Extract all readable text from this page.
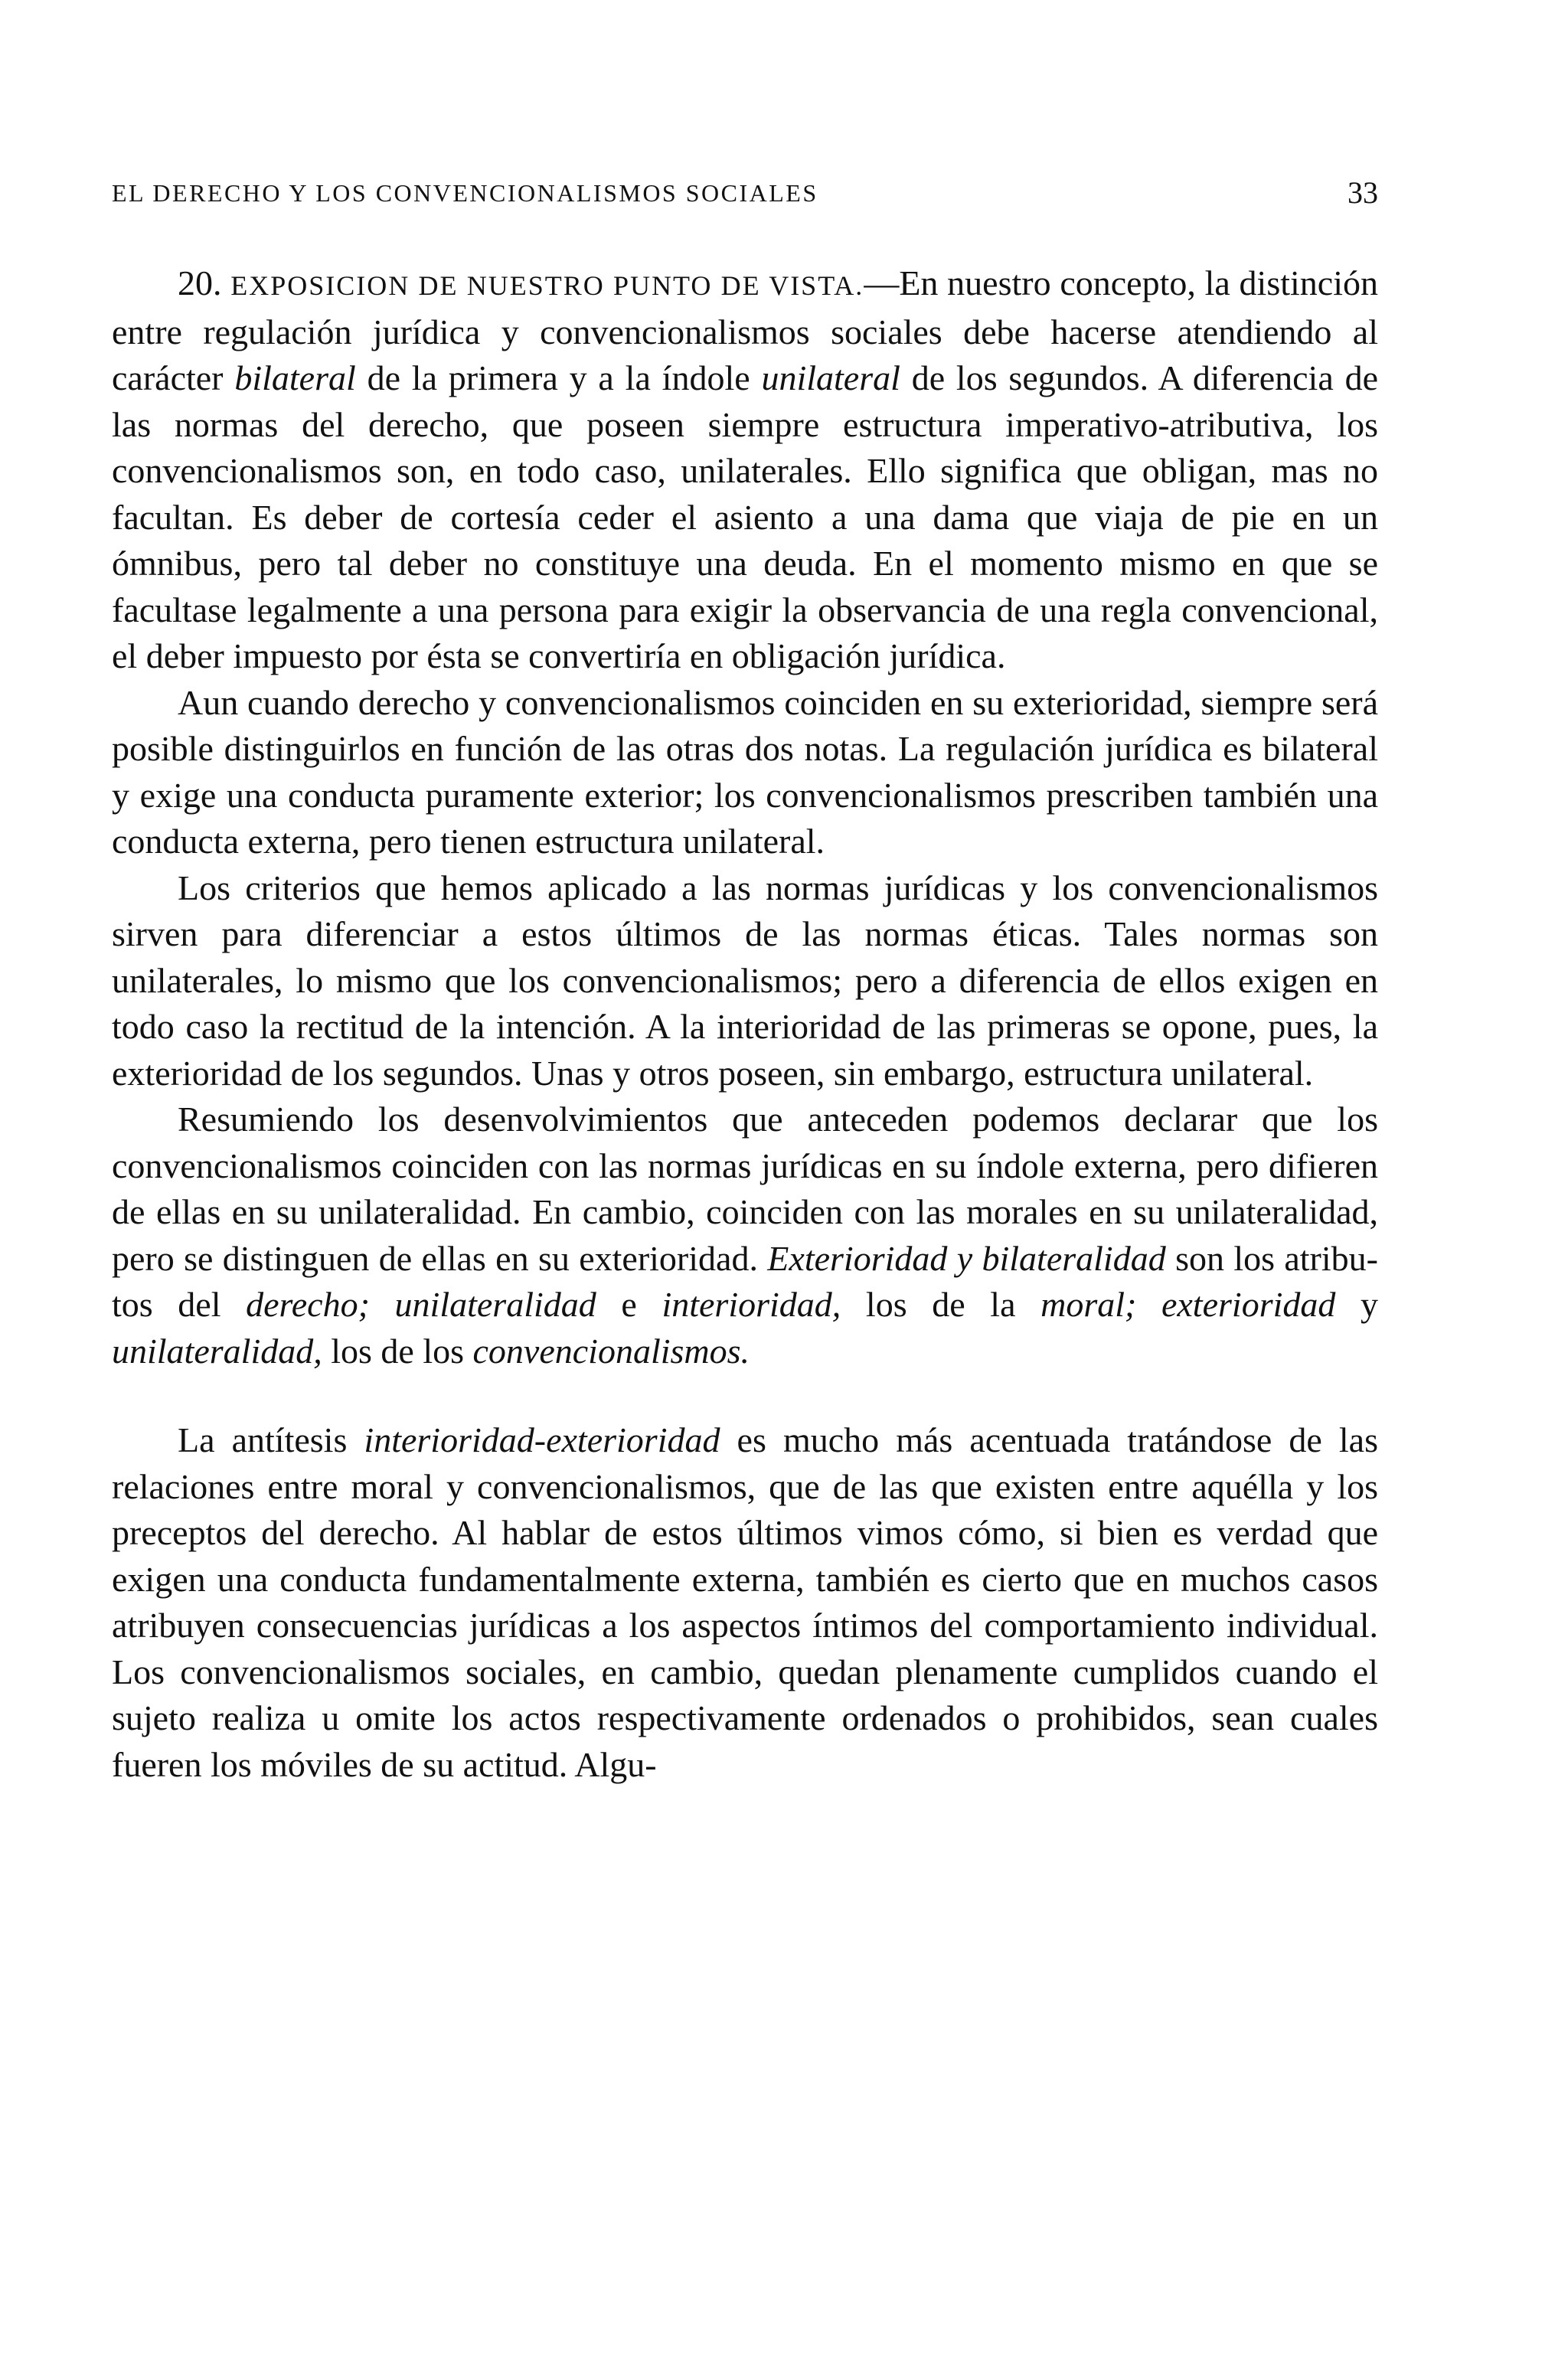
EL DERECHO Y LOS CONVENCIONALISMOS SOCIALES	33

20. EXPOSICION DE NUESTRO PUNTO DE VISTA.—En nuestro concepto, la distinción entre regulación jurídica y convencionalismos sociales debe hacerse atendiendo al carácter bilateral de la primera y a la índole unilateral de los segundos. A diferencia de las normas del derecho, que poseen siempre estructura imperativo-atributiva, los convencionalismos son, en todo caso, unilaterales. Ello significa que obligan, mas no facultan. Es deber de cortesía ceder el asiento a una dama que viaja de pie en un ómnibus, pero tal deber no constituye una deuda. En el momento mismo en que se facultase legalmente a una persona para exigir la observancia de una regla convencional, el deber impuesto por ésta se convertiría en obligación jurídica.

Aun cuando derecho y convencionalismos coinciden en su exterioridad, siempre será posible distinguirlos en función de las otras dos notas. La regulación jurídica es bilateral y exige una conducta puramente exterior; los convencionalismos prescriben también una conducta externa, pero tienen estructura unilateral.

Los criterios que hemos aplicado a las normas jurídicas y los convencionalismos sirven para diferenciar a estos últimos de las normas éticas. Tales normas son unilaterales, lo mismo que los convencionalismos; pero a diferencia de ellos exigen en todo caso la rectitud de la intención. A la interioridad de las primeras se opone, pues, la exterioridad de los segundos. Unas y otros poseen, sin embargo, estructura unilateral.

Resumiendo los desenvolvimientos que anteceden podemos declarar que los convencionalismos coinciden con las normas jurídicas en su índole externa, pero difieren de ellas en su unilateralidad. En cambio, coinciden con las morales en su unilateralidad, pero se distinguen de ellas en su exterioridad. Exterioridad y bilateralidad son los atributos del derecho; unilateralidad e interioridad, los de la moral; exterioridad y unilateralidad, los de los convencionalismos.

La antítesis interioridad-exterioridad es mucho más acentuada tratándose de las relaciones entre moral y convencionalismos, que de las que existen entre aquélla y los preceptos del derecho. Al hablar de estos últimos vimos cómo, si bien es verdad que exigen una conducta fundamentalmente externa, también es cierto que en muchos casos atribuyen consecuencias jurídicas a los aspectos íntimos del comportamiento individual. Los convencionalismos sociales, en cambio, quedan plenamente cumplidos cuando el sujeto realiza u omite los actos respectivamente ordenados o prohibidos, sean cuales fueren los móviles de su actitud. Algu-
